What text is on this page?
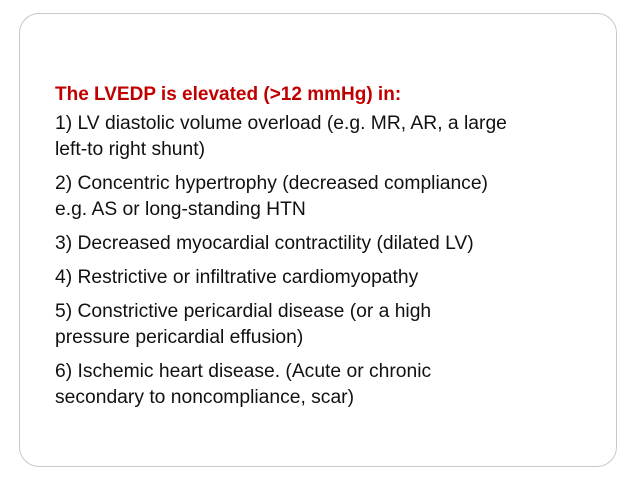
The LVEDP is elevated (>12 mmHg) in:
1) LV diastolic volume overload (e.g. MR, AR, a large
left-to right shunt)
2) Concentric hypertrophy (decreased compliance)
e.g. AS or long-standing HTN
3) Decreased myocardial contractility (dilated LV)
4) Restrictive or infiltrative cardiomyopathy
5) Constrictive pericardial disease (or a high
pressure pericardial effusion)
6) Ischemic heart disease. (Acute or chronic
secondary to noncompliance, scar)
